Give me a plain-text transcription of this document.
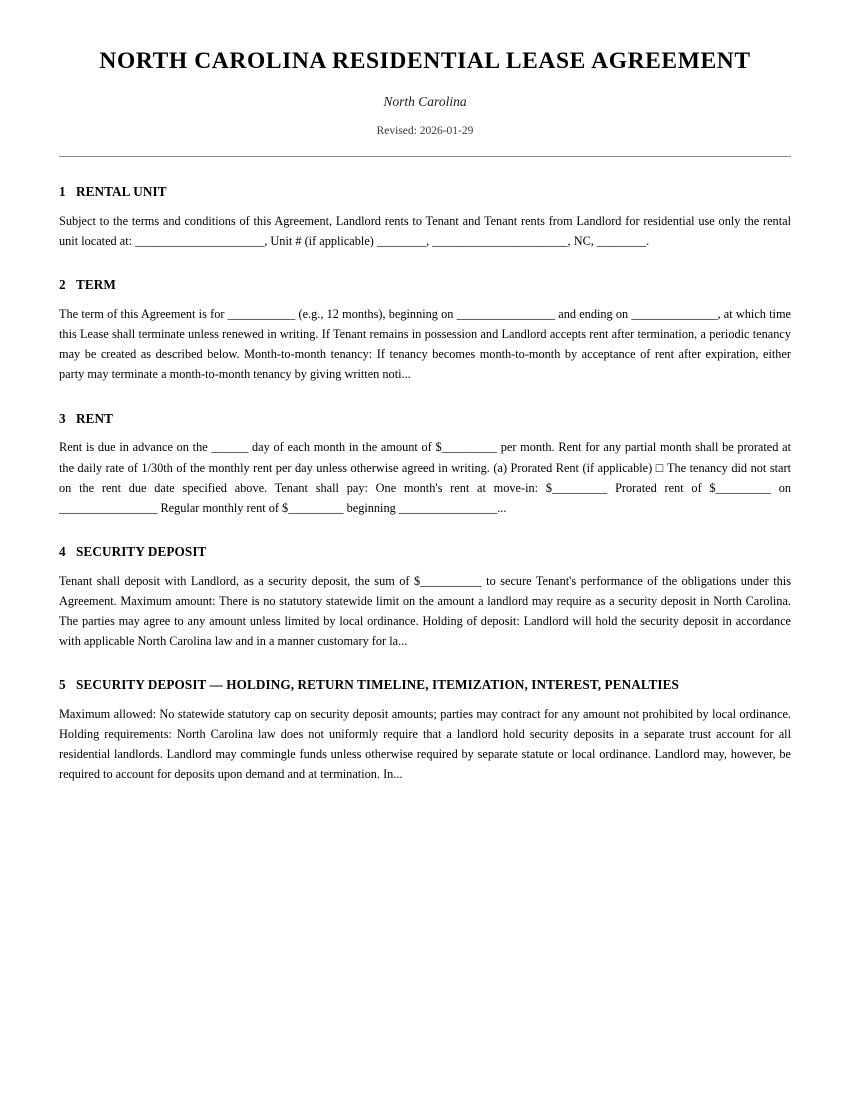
NORTH CAROLINA RESIDENTIAL LEASE AGREEMENT

North Carolina

Revised: 2026-01-29

1 RENTAL UNIT

Subject to the terms and conditions of this Agreement, Landlord rents to Tenant and Tenant rents from Landlord for residential use only the rental unit located at: _____________________, Unit # (if applicable) ________, ______________________, NC, ________.

2 TERM

The term of this Agreement is for ___________ (e.g., 12 months), beginning on ________________ and ending on ______________, at which time this Lease shall terminate unless renewed in writing. If Tenant remains in possession and Landlord accepts rent after termination, a periodic tenancy may be created as described below. Month-to-month tenancy: If tenancy becomes month-to-month by acceptance of rent after expiration, either party may terminate a month-to-month tenancy by giving written noti...

3 RENT

Rent is due in advance on the ______ day of each month in the amount of $_________ per month. Rent for any partial month shall be prorated at the daily rate of 1/30th of the monthly rent per day unless otherwise agreed in writing. (a) Prorated Rent (if applicable) □ The tenancy did not start on the rent due date specified above. Tenant shall pay: One month's rent at move-in: $_________ Prorated rent of $_________ on ________________ Regular monthly rent of $_________ beginning ________________...

4 SECURITY DEPOSIT

Tenant shall deposit with Landlord, as a security deposit, the sum of $__________ to secure Tenant's performance of the obligations under this Agreement. Maximum amount: There is no statutory statewide limit on the amount a landlord may require as a security deposit in North Carolina. The parties may agree to any amount unless limited by local ordinance. Holding of deposit: Landlord will hold the security deposit in accordance with applicable North Carolina law and in a manner customary for la...

5 SECURITY DEPOSIT — HOLDING, RETURN TIMELINE, ITEMIZATION, INTEREST, PENALTIES

Maximum allowed: No statewide statutory cap on security deposit amounts; parties may contract for any amount not prohibited by local ordinance. Holding requirements: North Carolina law does not uniformly require that a landlord hold security deposits in a separate trust account for all residential landlords. Landlord may commingle funds unless otherwise required by separate statute or local ordinance. Landlord may, however, be required to account for deposits upon demand and at termination. In...
